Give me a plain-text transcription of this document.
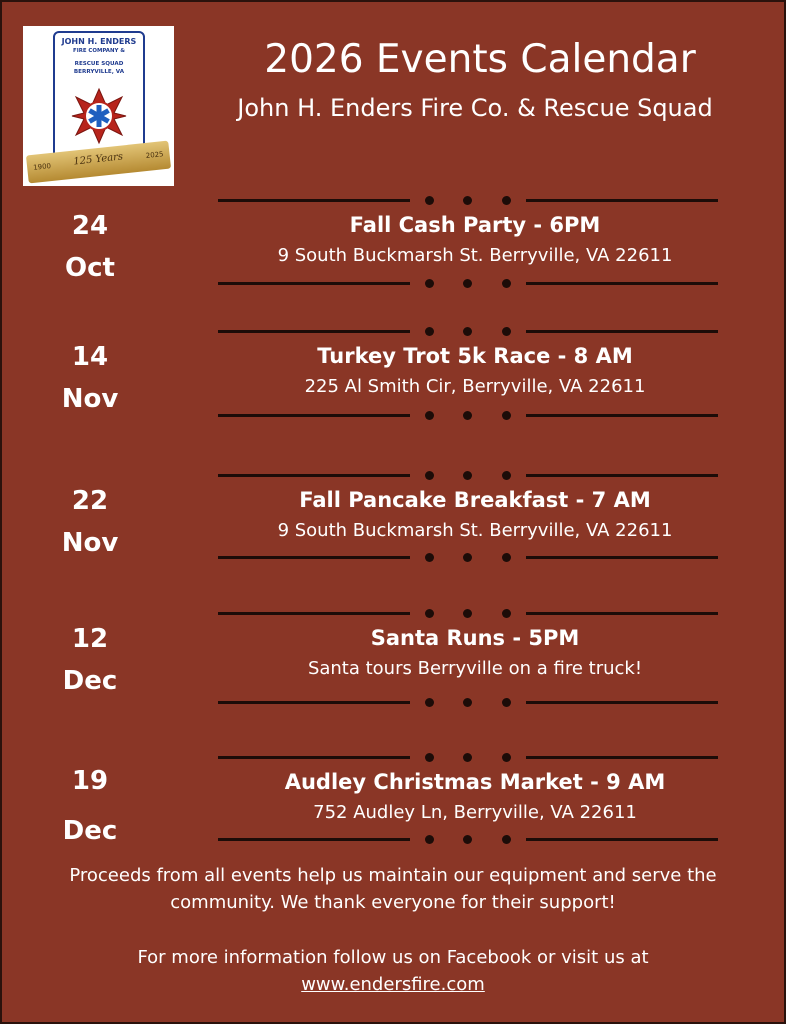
JOHN H. ENDERS
FIRE COMPANY &
RESCUE SQUAD
BERRYVILLE, VA
1900	125 Years	2025
2026 Events Calendar
John H. Enders Fire Co. & Rescue Squad
24
Oct
Fall Cash Party - 6PM
9 South Buckmarsh St. Berryville, VA 22611
14
Nov
Turkey Trot 5k Race - 8 AM
225 Al Smith Cir, Berryville, VA 22611
22
Nov
Fall Pancake Breakfast - 7 AM
9 South Buckmarsh St. Berryville, VA 22611
12
Dec
Santa Runs - 5PM
Santa tours Berryville on a fire truck!
19
Dec
Audley Christmas Market - 9 AM
752 Audley Ln, Berryville, VA 22611
Proceeds from all events help us maintain our equipment and serve the community. We thank everyone for their support!
For more information follow us on Facebook or visit us at
www.endersfire.com
